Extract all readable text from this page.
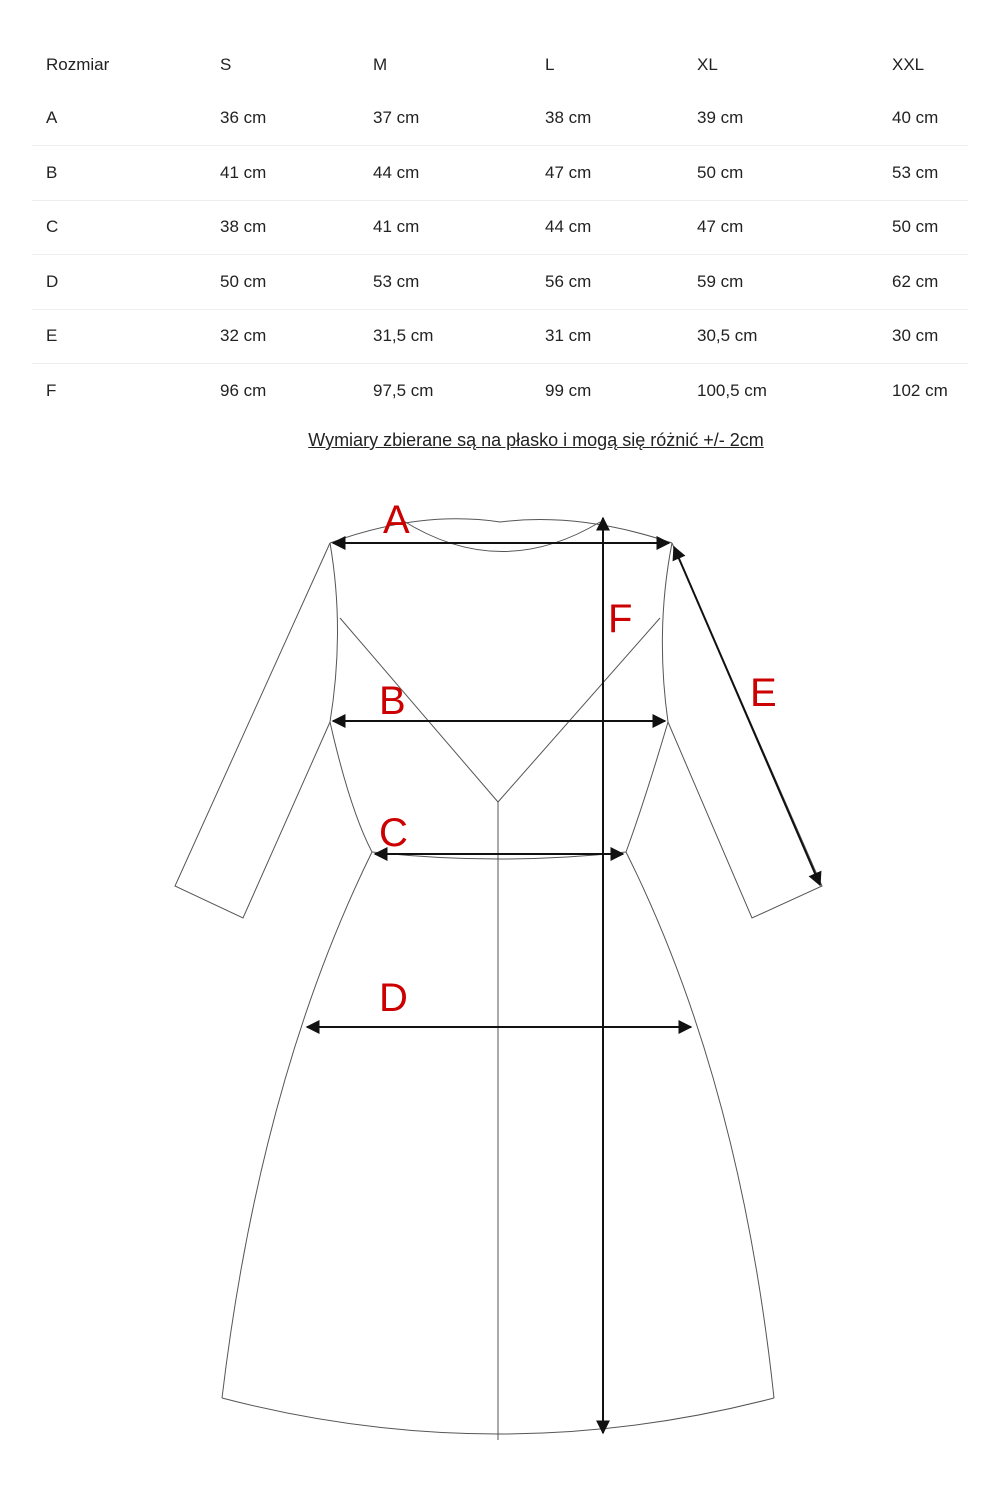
Rozmiar	S	M	L	XL	XXL
A	36 cm	37 cm	38 cm	39 cm	40 cm
B	41 cm	44 cm	47 cm	50 cm	53 cm
C	38 cm	41 cm	44 cm	47 cm	50 cm
D	50 cm	53 cm	56 cm	59 cm	62 cm
E	32 cm	31,5 cm	31 cm	30,5 cm	30 cm
F	96 cm	97,5 cm	99 cm	100,5 cm	102 cm
Wymiary zbierane są na płasko i mogą się różnić +/- 2cm
A
B
C
D
E
F
